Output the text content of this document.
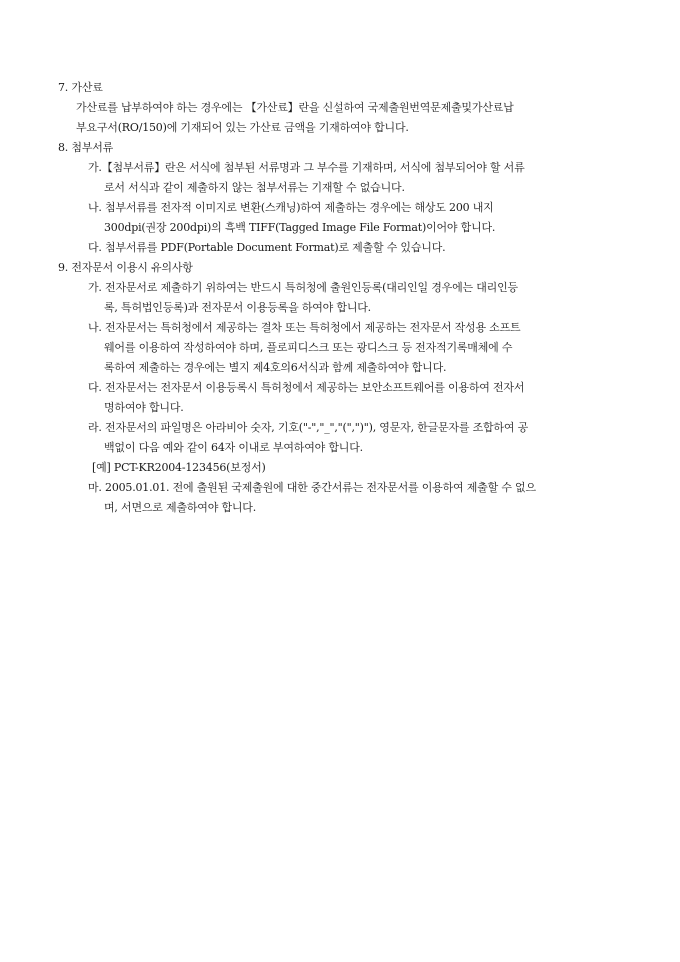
7. 가산료
가산료를 납부하여야 하는 경우에는 【가산료】란을 신설하여 국제출원번역문제출및가산료납
부요구서(RO/150)에 기재되어 있는 가산료 금액을 기재하여야 합니다.
8. 첨부서류
가.【첨부서류】란은 서식에 첨부된 서류명과 그 부수를 기재하며, 서식에 첨부되어야 할 서류
로서 서식과 같이 제출하지 않는 첨부서류는 기재할 수 없습니다.
나. 첨부서류를 전자적 이미지로 변환(스캐닝)하여 제출하는 경우에는 해상도 200 내지
300dpi(권장 200dpi)의 흑백 TIFF(Tagged Image File Format)이어야 합니다.
다. 첨부서류를 PDF(Portable Document Format)로 제출할 수 있습니다.
9. 전자문서 이용시 유의사항
가. 전자문서로 제출하기 위하여는 반드시 특허청에 출원인등록(대리인일 경우에는 대리인등
록, 특허법인등록)과 전자문서 이용등록을 하여야 합니다.
나. 전자문서는 특허청에서 제공하는 결차 또는 특허청에서 제공하는 전자문서 작성용 소프트
웨어를 이용하여 작성하여야 하며, 플로피디스크 또는 광디스크 등 전자적기록매체에 수
록하여 제출하는 경우에는 별지 제4호의6서식과 함께 제출하여야 합니다.
다. 전자문서는 전자문서 이용등록시 특허청에서 제공하는 보안소프트웨어를 이용하여 전자서
명하여야 합니다.
라. 전자문서의 파일명은 아라비아 숫자, 기호("-","_","(",")"), 영문자, 한글문자를 조합하여 공
백없이 다음 예와 같이 64자 이내로 부여하여야 합니다.
[예] PCT-KR2004-123456(보정서)
마. 2005.01.01. 전에 출원된 국제출원에 대한 중간서류는 전자문서를 이용하여 제출할 수 없으
며, 서면으로 제출하여야 합니다.
